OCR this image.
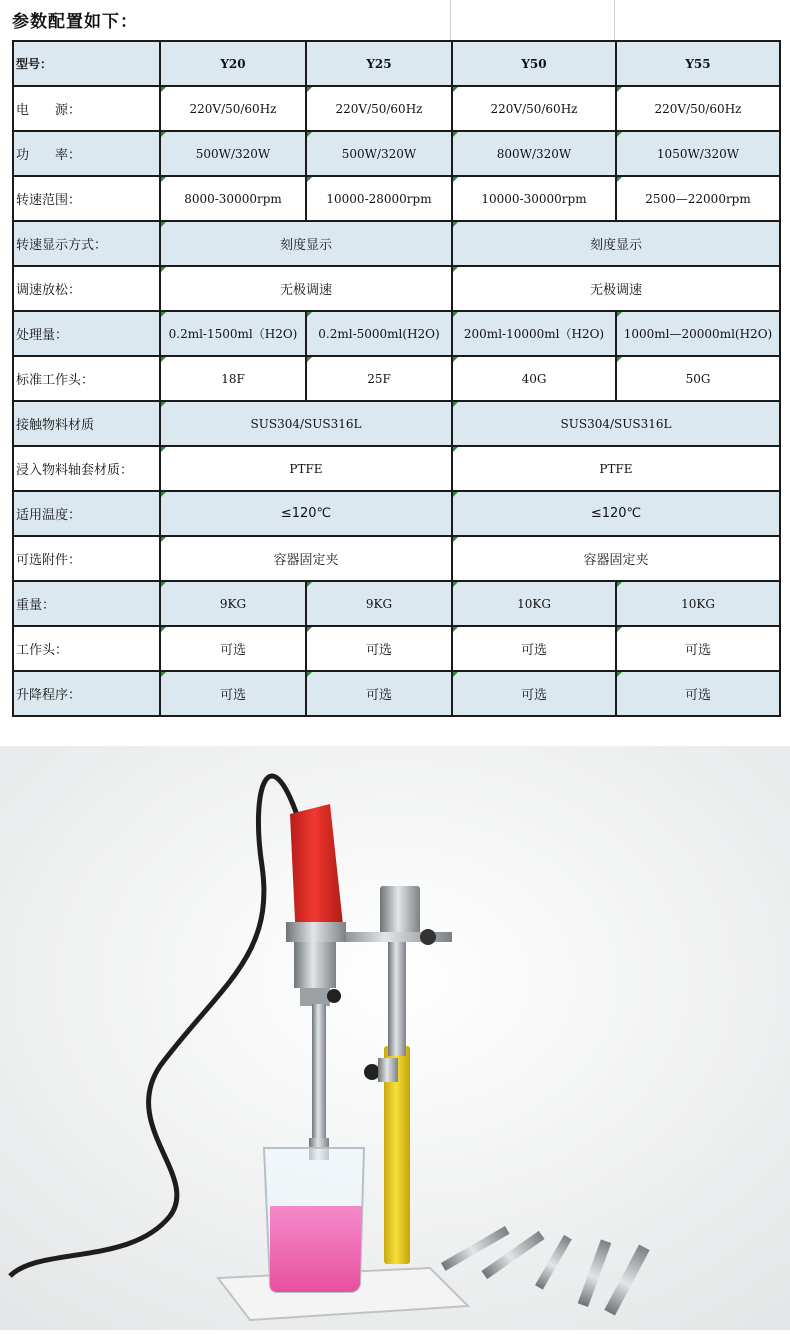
参数配置如下：
型号：	Y20	Y25	Y50	Y55
电　　源：	220V/50/60Hz	220V/50/60Hz	220V/50/60Hz	220V/50/60Hz

功　　率：	500W/320W	500W/320W	800W/320W	1050W/320W

转速范围：	8000-30000rpm	10000-28000rpm	10000-30000rpm	2500—22000rpm

转速显示方式：	刻度显示		刻度显示	

调速放松：	无极调速		无极调速	

处理量：	0.2ml-1500ml（H2O)	0.2ml-5000ml(H2O)	200ml-10000ml（H2O)	1000ml—20000ml(H2O)

标准工作头：	18F	25F	40G	50G

接触物料材质	SUS304/SUS316L		SUS304/SUS316L	

浸入物料轴套材质：	PTFE		PTFE	

适用温度：	≤120℃		≤120℃	

可选附件：	容器固定夹		容器固定夹	

重量：	9KG	9KG	10KG	10KG

工作头：	可选	可选	可选	可选

升降程序：	可选	可选	可选	可选
